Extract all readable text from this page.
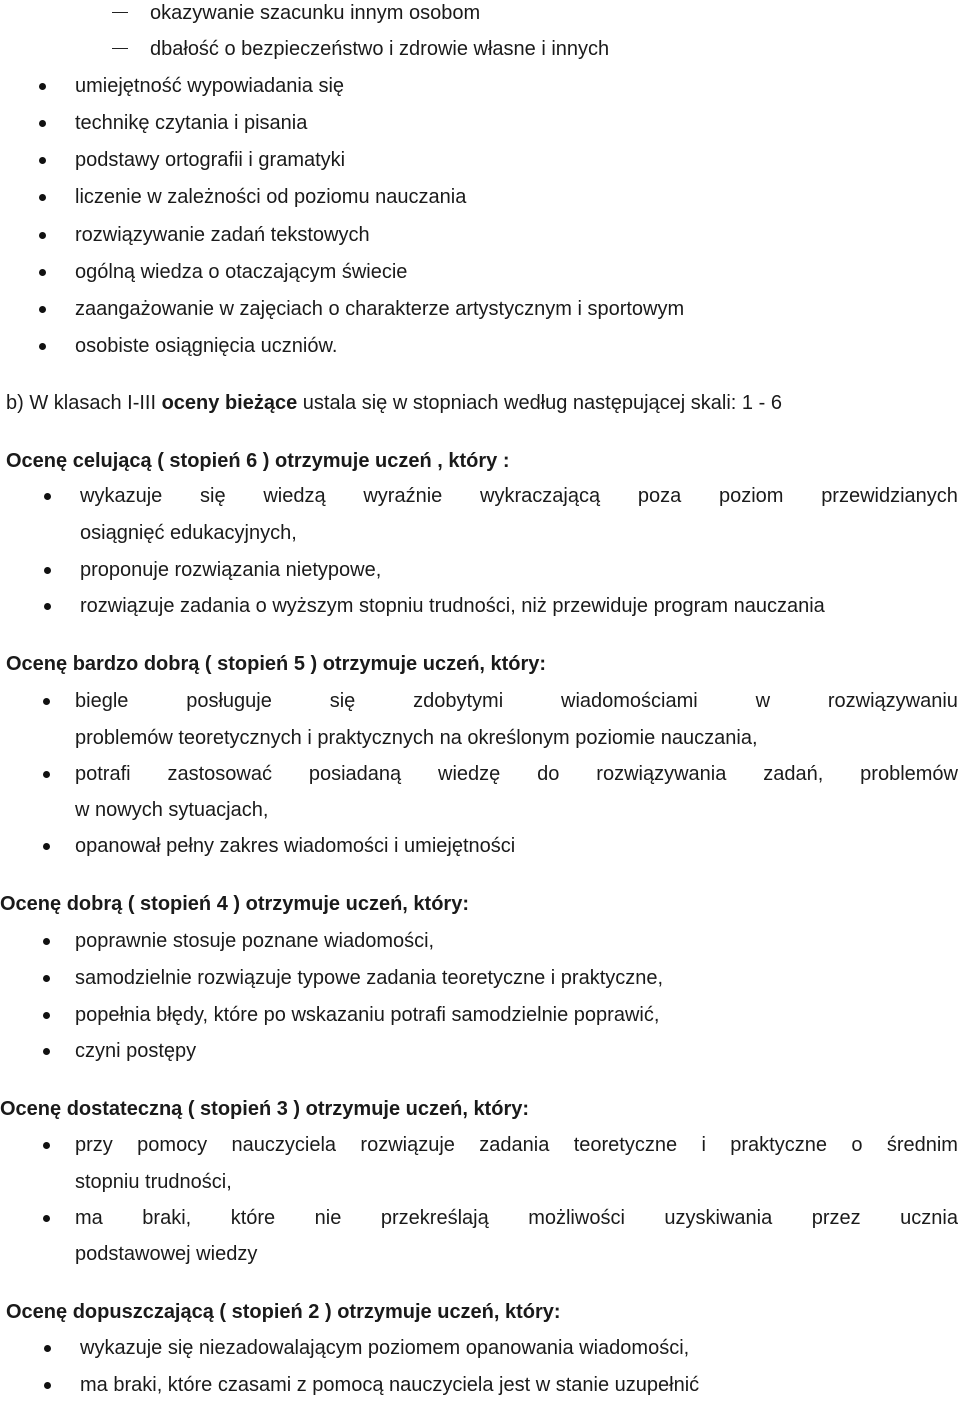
okazywanie szacunku innym osobom
dbałość o bezpieczeństwo i zdrowie własne i innych
umiejętność wypowiadania się
technikę czytania i pisania
podstawy ortografii i gramatyki
liczenie w zależności od poziomu nauczania
rozwiązywanie zadań tekstowych
ogólną wiedza o otaczającym świecie
zaangażowanie w zajęciach o charakterze artystycznym i sportowym
osobiste osiągnięcia uczniów.
b) W klasach I-III oceny bieżące ustala się w stopniach według następującej skali: 1 - 6
Ocenę celującą ( stopień 6 ) otrzymuje uczeń , który :
wykazuje się wiedzą wyraźnie wykraczającą poza poziom przewidzianych
osiągnięć edukacyjnych,
proponuje rozwiązania nietypowe,
rozwiązuje zadania o wyższym stopniu trudności, niż przewiduje program nauczania
Ocenę bardzo dobrą ( stopień 5 ) otrzymuje uczeń, który:
biegle	posługuje	się	zdobytymi	wiadomościami	w	rozwiązywaniu
problemów teoretycznych i praktycznych na określonym poziomie nauczania,
potrafi zastosować posiadaną wiedzę do rozwiązywania zadań, problemów
w nowych sytuacjach,
opanował pełny zakres wiadomości i umiejętności
Ocenę dobrą ( stopień 4 ) otrzymuje uczeń, który:
poprawnie stosuje poznane wiadomości,
samodzielnie rozwiązuje typowe zadania teoretyczne i praktyczne,
popełnia błędy, które po wskazaniu potrafi samodzielnie poprawić,
czyni postępy
Ocenę dostateczną ( stopień 3 ) otrzymuje uczeń, który:
przy pomocy nauczyciela rozwiązuje zadania teoretyczne i praktyczne o średnim
stopniu trudności,
ma braki, które nie przekreślają możliwości uzyskiwania przez ucznia
podstawowej wiedzy
Ocenę dopuszczającą ( stopień 2 ) otrzymuje uczeń, który:
wykazuje się niezadowalającym poziomem opanowania wiadomości,
ma braki, które czasami z pomocą nauczyciela jest w stanie uzupełnić
